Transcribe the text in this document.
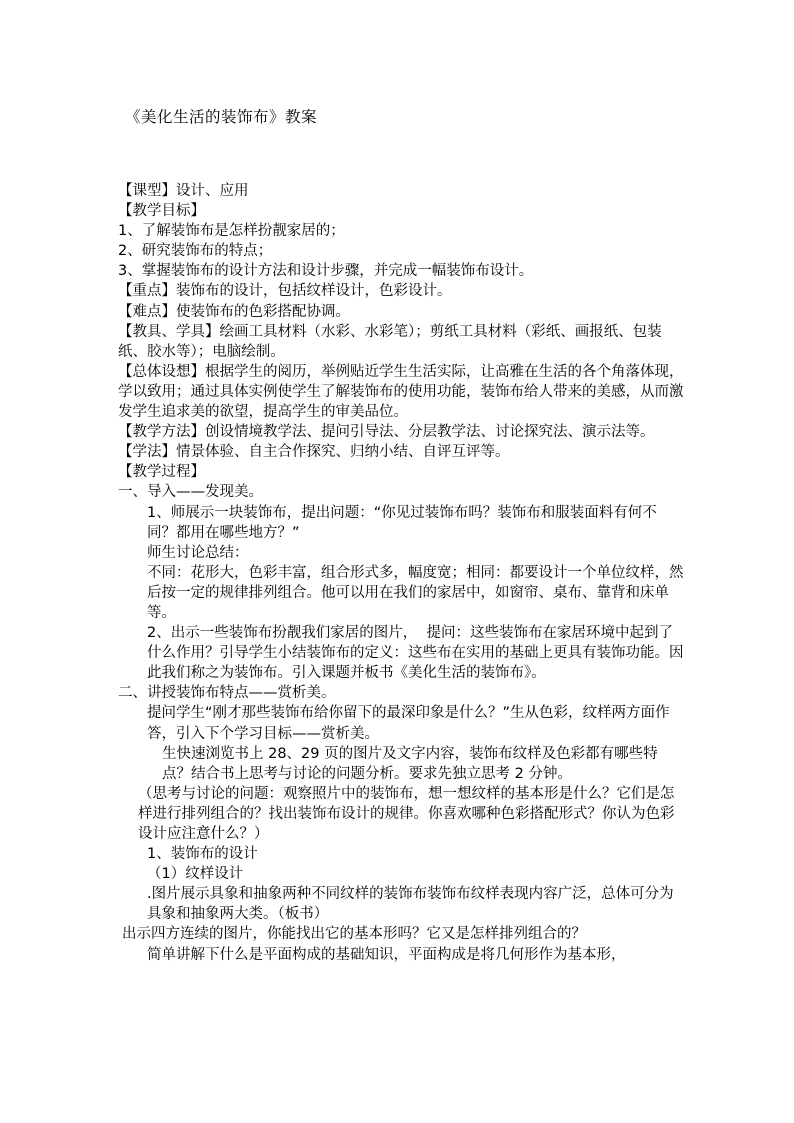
《美化生活的装饰布》教案

【课型】设计、应用

【教学目标】

1、了解装饰布是怎样扮靓家居的；

2、研究装饰布的特点；

3、掌握装饰布的设计方法和设计步骤，并完成一幅装饰布设计。

【重点】装饰布的设计，包括纹样设计，色彩设计。

【难点】使装饰布的色彩搭配协调。

【教具、学具】绘画工具材料（水彩、水彩笔）；剪纸工具材料（彩纸、画报纸、包装纸、胶水等）；电脑绘制。

【总体设想】根据学生的阅历，举例贴近学生生活实际，让高雅在生活的各个角落体现，学以致用；通过具体实例使学生了解装饰布的使用功能，装饰布给人带来的美感，从而激发学生追求美的欲望，提高学生的审美品位。

【教学方法】创设情境教学法、提问引导法、分层教学法、讨论探究法、演示法等。

【学法】情景体验、自主合作探究、归纳小结、自评互评等。

【教学过程】

一、导入——发现美。

1、师展示一块装饰布，提出问题：“你见过装饰布吗？装饰布和服装面料有何不同？都用在哪些地方？”

师生讨论总结：

不同：花形大，色彩丰富，组合形式多，幅度宽；相同：都要设计一个单位纹样，然后按一定的规律排列组合。他可以用在我们的家居中，如窗帘、桌布、靠背和床单等。

2、出示一些装饰布扮靓我们家居的图片，  提问：这些装饰布在家居环境中起到了什么作用？引导学生小结装饰布的定义：这些布在实用的基础上更具有装饰功能。因此我们称之为装饰布。引入课题并板书《美化生活的装饰布》。

二、讲授装饰布特点——赏析美。

提问学生“刚才那些装饰布给你留下的最深印象是什么？”生从色彩，纹样两方面作答，引入下个学习目标——赏析美。

生快速浏览书上 28、29 页的图片及文字内容，装饰布纹样及色彩都有哪些特点？结合书上思考与讨论的问题分析。要求先独立思考 2 分钟。

（思考与讨论的问题：观察照片中的装饰布，想一想纹样的基本形是什么？它们是怎样进行排列组合的？找出装饰布设计的规律。你喜欢哪种色彩搭配形式？你认为色彩设计应注意什么？）

1、装饰布的设计

（1）纹样设计

.图片展示具象和抽象两种不同纹样的装饰布装饰布纹样表现内容广泛，总体可分为具象和抽象两大类。（板书）

出示四方连续的图片，你能找出它的基本形吗？它又是怎样排列组合的？

简单讲解下什么是平面构成的基础知识，平面构成是将几何形作为基本形，
